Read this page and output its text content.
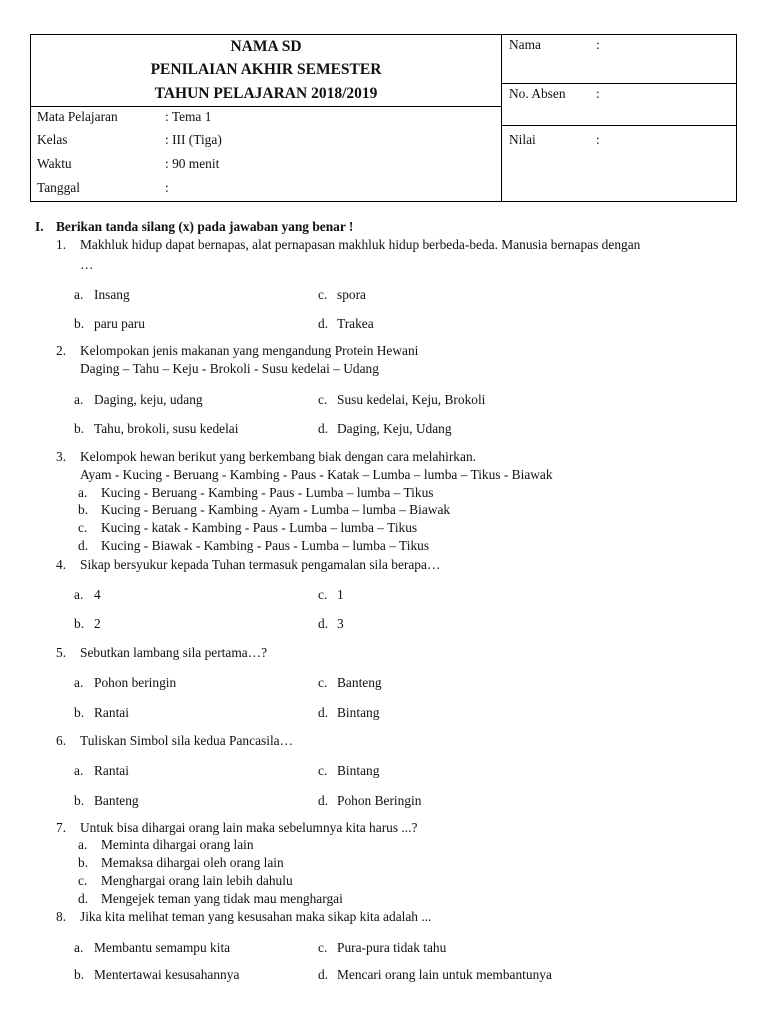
NAMA SD
PENILAIAN AKHIR SEMESTER
TAHUN PELAJARAN 2018/2019
Mata Pelajaran	: Tema 1
Kelas	: III (Tiga)
Waktu	: 90 menit
Tanggal	:
Nama	:
No. Absen :
Nilai	:
I. Berikan tanda silang (x) pada jawaban yang benar !
1. Makhluk hidup dapat bernapas, alat pernapasan makhluk hidup berbeda-beda. Manusia bernapas dengan
…
a. Insang	c. spora
b. paru paru	d. Trakea
2. Kelompokan jenis makanan yang mengandung Protein Hewani
Daging – Tahu – Keju - Brokoli - Susu kedelai – Udang
a. Daging, keju, udang	c. Susu kedelai, Keju, Brokoli
b. Tahu, brokoli, susu kedelai	d. Daging, Keju, Udang
3. Kelompok hewan berikut yang berkembang biak dengan cara melahirkan.
Ayam - Kucing - Beruang - Kambing - Paus - Katak – Lumba – lumba – Tikus - Biawak
a. Kucing - Beruang - Kambing - Paus - Lumba – lumba – Tikus
b. Kucing - Beruang - Kambing - Ayam - Lumba – lumba – Biawak
c. Kucing - katak - Kambing - Paus - Lumba – lumba – Tikus
d. Kucing - Biawak - Kambing - Paus - Lumba – lumba – Tikus
4. Sikap bersyukur kepada Tuhan termasuk pengamalan sila berapa…
a. 4	c. 1
b. 2	d. 3
5. Sebutkan lambang sila pertama…?
a. Pohon beringin	c. Banteng
b. Rantai	d. Bintang
6. Tuliskan Simbol sila kedua Pancasila…
a. Rantai	c. Bintang
b. Banteng	d. Pohon Beringin
7. Untuk bisa dihargai orang lain maka sebelumnya kita harus ...?
a. Meminta dihargai orang lain
b. Memaksa dihargai oleh orang lain
c. Menghargai orang lain lebih dahulu
d. Mengejek teman yang tidak mau menghargai
8. Jika kita melihat teman yang kesusahan maka sikap kita adalah ...
a. Membantu semampu kita	c. Pura-pura tidak tahu
b. Mentertawai kesusahannya	d. Mencari orang lain untuk membantunya
